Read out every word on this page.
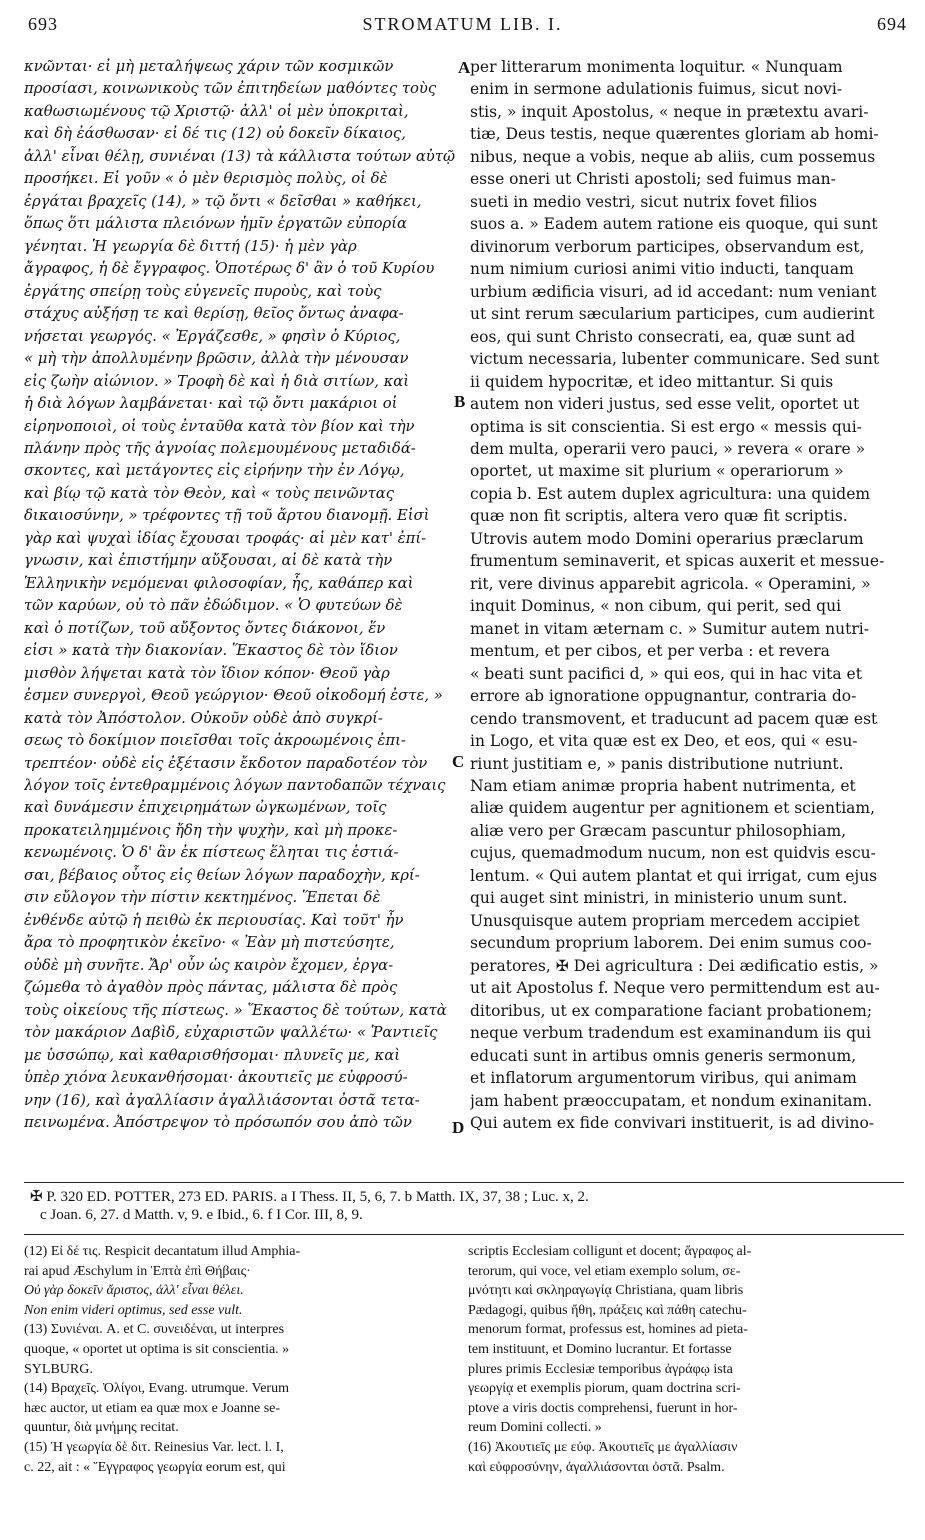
STROMATUM LIB. I.
693	694
κνῶνται· εἰ μὴ μεταλήψεως χάριν τῶν κοσμικῶν
προσίασι, κοινωνικοὺς τῶν ἐπιτηδείων μαθόντες τοὺς
καθωσιωμένους τῷ Χριστῷ· ἀλλ' οἱ μὲν ὑποκριταὶ,
καὶ δὴ ἐάσθωσαν· εἰ δέ τις (12) οὐ δοκεῖν δίκαιος,
ἀλλ' εἶναι θέλῃ, συνιέναι (13) τὰ κάλλιστα τούτων αὐτῷ
προσήκει. Εἰ γοῦν « ὁ μὲν θερισμὸς πολὺς, οἱ δὲ
ἐργάται βραχεῖς (14), » τῷ ὄντι « δεῖσθαι » καθήκει,
ὅπως ὅτι μάλιστα πλειόνων ἡμῖν ἐργατῶν εὐπορία
γένηται. Ἡ γεωργία δὲ διττή (15)· ἡ μὲν γὰρ
ἄγραφος, ἡ δὲ ἔγγραφος. Ὁποτέρως δ' ἂν ὁ τοῦ Κυρίου
ἐργάτης σπείρῃ τοὺς εὐγενεῖς πυροὺς, καὶ τοὺς
στάχυς αὐξήσῃ τε καὶ θερίσῃ, θεῖος ὄντως ἀναφα-
νήσεται γεωργός. « Ἐργάζεσθε, » φησὶν ὁ Κύριος,
« μὴ τὴν ἀπολλυμένην βρῶσιν, ἀλλὰ τὴν μένουσαν
εἰς ζωὴν αἰώνιον. » Τροφὴ δὲ καὶ ἡ διὰ σιτίων, καὶ
ἡ διὰ λόγων λαμβάνεται· καὶ τῷ ὄντι μακάριοι οἱ
εἰρηνοποιοὶ, οἱ τοὺς ἐνταῦθα κατὰ τὸν βίον καὶ τὴν
πλάνην πρὸς τῆς ἀγνοίας πολεμουμένους μεταδιδά-
σκοντες, καὶ μετάγοντες εἰς εἰρήνην τὴν ἐν Λόγῳ,
καὶ βίῳ τῷ κατὰ τὸν Θεὸν, καὶ « τοὺς πεινῶντας
δικαιοσύνην, » τρέφοντες τῇ τοῦ ἄρτου διανομῇ. Εἰσὶ
γὰρ καὶ ψυχαὶ ἰδίας ἔχουσαι τροφάς· αἱ μὲν κατ' ἐπί-
γνωσιν, καὶ ἐπιστήμην αὔξουσαι, αἱ δὲ κατὰ τὴν
Ἑλληνικὴν νεμόμεναι φιλοσοφίαν, ἧς, καθάπερ καὶ
τῶν καρύων, οὐ τὸ πᾶν ἐδώδιμον. « Ὁ φυτεύων δὲ
καὶ ὁ ποτίζων, τοῦ αὔξοντος ὄντες διάκονοι, ἕν
εἰσι » κατὰ τὴν διακονίαν. Ἕκαστος δὲ τὸν ἴδιον
μισθὸν λήψεται κατὰ τὸν ἴδιον κόπον· Θεοῦ γὰρ
ἐσμεν συνεργοὶ, Θεοῦ γεώργιον· Θεοῦ οἰκοδομή ἐστε, »
κατὰ τὸν Ἀπόστολον. Οὐκοῦν οὐδὲ ἀπὸ συγκρί-
σεως τὸ δοκίμιον ποιεῖσθαι τοῖς ἀκροωμένοις ἐπι-
τρεπτέον· οὐδὲ εἰς ἐξέτασιν ἔκδοτον παραδοτέον τὸν
λόγον τοῖς ἐντεθραμμένοις λόγων παντοδαπῶν τέχναις
καὶ δυνάμεσιν ἐπιχειρημάτων ὠγκωμένων, τοῖς
προκατειλημμένοις ἤδη τὴν ψυχὴν, καὶ μὴ προκε-
κενωμένοις. Ὁ δ' ἂν ἐκ πίστεως ἕληται τις ἑστιά-
σαι, βέβαιος οὗτος εἰς θείων λόγων παραδοχὴν, κρί-
σιν εὔλογον τὴν πίστιν κεκτημένος. Ἕπεται δὲ
ἐνθένδε αὐτῷ ἡ πειθὼ ἐκ περιουσίας. Καὶ τοῦτ' ἦν
ἄρα τὸ προφητικὸν ἐκεῖνο· « Ἐὰν μὴ πιστεύσητε,
οὐδὲ μὴ συνῆτε. Ἄρ' οὖν ὡς καιρὸν ἔχομεν, ἐργα-
ζώμεθα τὸ ἀγαθὸν πρὸς πάντας, μάλιστα δὲ πρὸς
τοὺς οἰκείους τῆς πίστεως. » Ἕκαστος δὲ τούτων, κατὰ
τὸν μακάριον Δαβὶδ, εὐχαριστῶν ψαλλέτω· « Ῥαντιεῖς
με ὑσσώπῳ, καὶ καθαρισθήσομαι· πλυνεῖς με, καὶ
ὑπὲρ χιόνα λευκανθήσομαι· ἀκουτιεῖς με εὐφροσύ-
νην (16), καὶ ἀγαλλίασιν ἀγαλλιάσονται ὀστᾶ τετα-
πεινωμένα. Ἀπόστρεψον τὸ πρόσωπόν σου ἀπὸ τῶν
per litterarum monimenta loquitur. « Nunquam
enim in sermone adulationis fuimus, sicut novi-
stis, » inquit Apostolus, « neque in prætextu avari-
tiæ, Deus testis, neque quærentes gloriam ab homi-
nibus, neque a vobis, neque ab aliis, cum possemus
esse oneri ut Christi apostoli; sed fuimus man-
sueti in medio vestri, sicut nutrix fovet filios
suos a. » Eadem autem ratione eis quoque, qui sunt
divinorum verborum participes, observandum est,
num nimium curiosi animi vitio inducti, tanquam
urbium ædificia visuri, ad id accedant: num veniant
ut sint rerum sæcularium participes, cum audierint
eos, qui sunt Christo consecrati, ea, quæ sunt ad
victum necessaria, lubenter communicare. Sed sunt
ii quidem hypocritæ, et ideo mittantur. Si quis
autem non videri justus, sed esse velit, oportet ut
optima is sit conscientia. Si est ergo « messis qui-
dem multa, operarii vero pauci, » revera « orare »
oportet, ut maxime sit plurium « operariorum »
copia b. Est autem duplex agricultura: una quidem
quæ non fit scriptis, altera vero quæ fit scriptis.
Utrovis autem modo Domini operarius præclarum
frumentum seminaverit, et spicas auxerit et messue-
rit, vere divinus apparebit agricola. « Operamini, »
inquit Dominus, « non cibum, qui perit, sed qui
manet in vitam æternam c. » Sumitur autem nutri-
mentum, et per cibos, et per verba : et revera
« beati sunt pacifici d, » qui eos, qui in hac vita et
errore ab ignoratione oppugnantur, contraria do-
cendo transmovent, et traducunt ad pacem quæ est
in Logo, et vita quæ est ex Deo, et eos, qui « esu-
riunt justitiam e, » panis distributione nutriunt.
Nam etiam animæ propria habent nutrimenta, et
aliæ quidem augentur per agnitionem et scientiam,
aliæ vero per Græcam pascuntur philosophiam,
cujus, quemadmodum nucum, non est quidvis escu-
lentum. « Qui autem plantat et qui irrigat, cum ejus
qui auget sint ministri, in ministerio unum sunt.
Unusquisque autem propriam mercedem accipiet
secundum proprium laborem. Dei enim sumus coo-
peratores, ✠ Dei agricultura : Dei ædificatio estis, »
ut ait Apostolus f. Neque vero permittendum est au-
ditoribus, ut ex comparatione faciant probationem;
neque verbum tradendum est examinandum iis qui
educati sunt in artibus omnis generis sermonum,
et inflatorum argumentorum viribus, qui animam
jam habent præoccupatam, et nondum exinanitam.
Qui autem ex fide convivari instituerit, is ad divino-
A
B
C
D
✠ P. 320 ED. POTTER, 273 ED. PARIS. a I Thess. II, 5, 6, 7. b Matth. IX, 37, 38 ; Luc. x, 2.
c Joan. 6, 27. d Matth. v, 9. e Ibid., 6. f I Cor. III, 8, 9.
(12) Εἰ δέ τις. Respicit decantatum illud Amphia-
rai apud Æschylum in Ἑπτὰ ἐπὶ Θήβαις·
Οὐ γὰρ δοκεῖν ἄριστος, ἀλλ' εἶναι θέλει.
Non enim videri optimus, sed esse vult.
(13) Συνιέναι. A. et C. συνειδέναι, ut interpres
quoque, « oportet ut optima is sit conscientia. »
SYLBURG.
(14) Βραχεῖς. Ὀλίγοι, Evang. utrumque. Verum
hæc auctor, ut etiam ea quæ mox e Joanne se-
quuntur, διὰ μνήμης recitat.
(15) Ἡ γεωργία δὲ διτ. Reinesius Var. lect. l. I,
c. 22, ait : « Ἔγγραφος γεωργία eorum est, qui
scriptis Ecclesiam colligunt et docent; ἄγραφος al-
terorum, qui voce, vel etiam exemplo solum, σε-
μνότητι καὶ σκληραγωγίᾳ Christiana, quam libris
Pædagogi, quibus ἤθη, πράξεις καὶ πάθη catechu-
menorum format, professus est, homines ad pieta-
tem instituunt, et Domino lucrantur. Et fortasse
plures primis Ecclesiæ temporibus ἀγράφῳ ista
γεωργίᾳ et exemplis piorum, quam doctrina scri-
ptove a viris doctis comprehensi, fuerunt in hor-
reum Domini collecti. »
(16) Ἀκουτιεῖς με εὐφ. Ἀκουτιεῖς με ἀγαλλίασιν
καὶ εὐφροσύνην, ἀγαλλιάσονται ὀστᾶ. Psalm.
